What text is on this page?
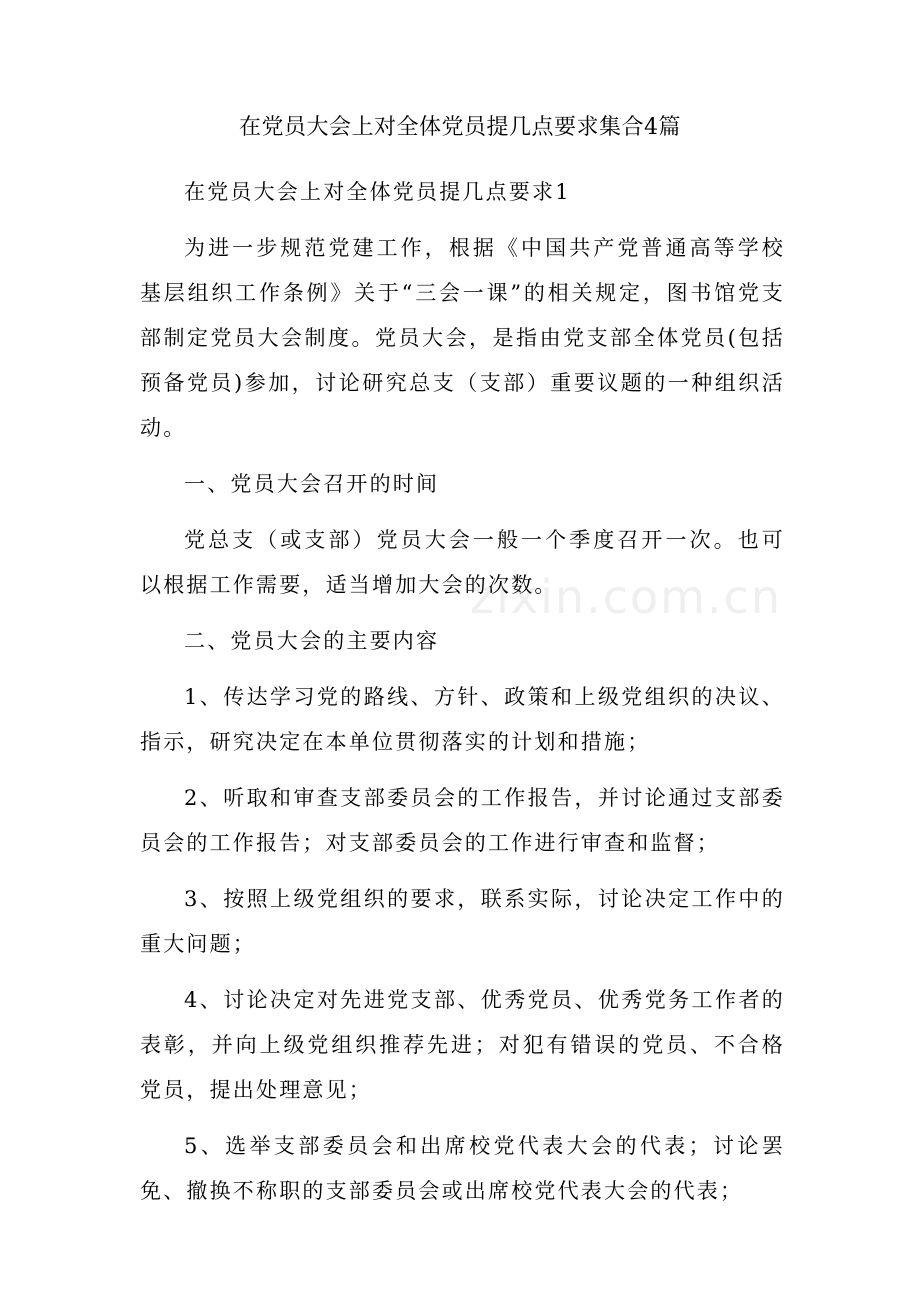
在党员大会上对全体党员提几点要求集合4篇

在党员大会上对全体党员提几点要求1

为进一步规范党建工作，根据《中国共产党普通高等学校基层组织工作条例》关于“三会一课”的相关规定，图书馆党支部制定党员大会制度。党员大会，是指由党支部全体党员(包括预备党员)参加，讨论研究总支（支部）重要议题的一种组织活动。

一、党员大会召开的时间

党总支（或支部）党员大会一般一个季度召开一次。也可以根据工作需要，适当增加大会的次数。

二、党员大会的主要内容

1、传达学习党的路线、方针、政策和上级党组织的决议、指示，研究决定在本单位贯彻落实的计划和措施；

2、听取和审查支部委员会的工作报告，并讨论通过支部委员会的工作报告；对支部委员会的工作进行审查和监督；

3、按照上级党组织的要求，联系实际，讨论决定工作中的重大问题；

4、讨论决定对先进党支部、优秀党员、优秀党务工作者的表彰，并向上级党组织推荐先进；对犯有错误的党员、不合格党员，提出处理意见；

5、选举支部委员会和出席校党代表大会的代表；讨论罢免、撤换不称职的支部委员会或出席校党代表大会的代表；

zixin.com.cn
